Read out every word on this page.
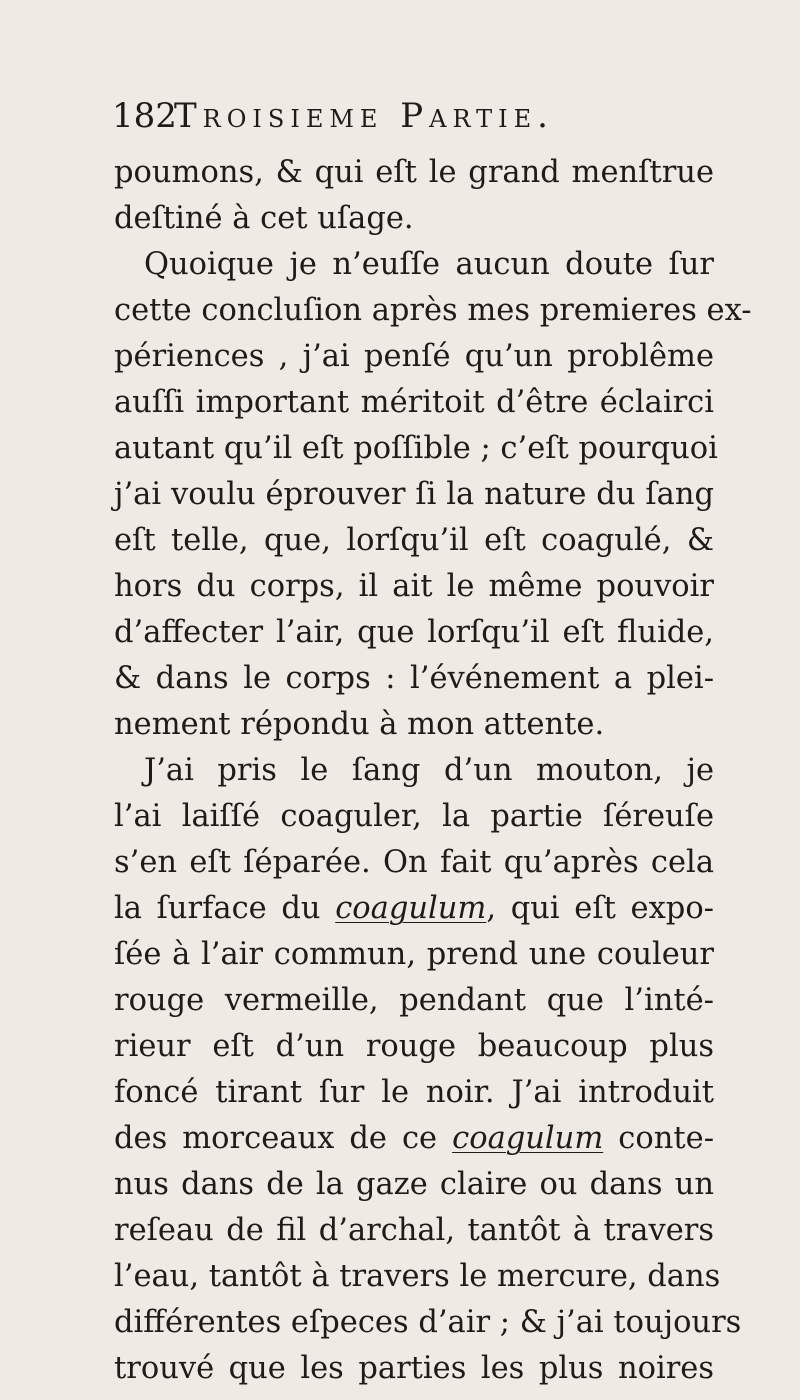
182
Troisieme Partie.
poumons, & qui eſt le grand menſtrue
deſtiné à cet uſage.
Quoique je n’euſſe aucun doute ſur
cette concluſion après mes premieres ex-
périences , j’ai penſé qu’un problême
auſſi important méritoit d’être éclairci
autant qu’il eſt poſſible ; c’eſt pourquoi
j’ai voulu éprouver ſi la nature du ſang
eſt telle, que, lorſqu’il eſt coagulé, &
hors du corps, il ait le même pouvoir
d’affecter l’air, que lorſqu’il eſt fluide,
& dans le corps : l’événement a plei-
nement répondu à mon attente.
J’ai pris le ſang d’un mouton, je
l’ai laiſſé coaguler, la partie ſéreuſe
s’en eſt ſéparée. On fait qu’après cela
la ſurface du coagulum, qui eſt expo-
ſée à l’air commun, prend une couleur
rouge vermeille, pendant que l’inté-
rieur eſt d’un rouge beaucoup plus
foncé tirant ſur le noir. J’ai introduit
des morceaux de ce coagulum conte-
nus dans de la gaze claire ou dans un
reſeau de fil d’archal, tantôt à travers
l’eau, tantôt à travers le mercure, dans
différentes eſpeces d’air ; & j’ai toujours
trouvé que les parties les plus noires
